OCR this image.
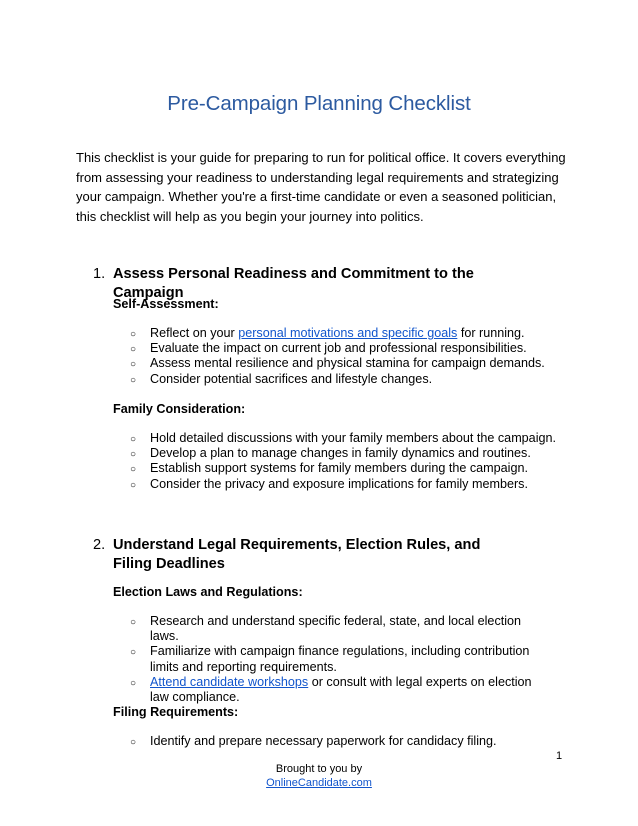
Pre-Campaign Planning Checklist
This checklist is your guide for preparing to run for political office. It covers everything from assessing your readiness to understanding legal requirements and strategizing your campaign. Whether you're a first-time candidate or even a seasoned politician, this checklist will help as you begin your journey into politics.
1. Assess Personal Readiness and Commitment to the Campaign
Self-Assessment:
○ Reflect on your personal motivations and specific goals for running.
○ Evaluate the impact on current job and professional responsibilities.
○ Assess mental resilience and physical stamina for campaign demands.
○ Consider potential sacrifices and lifestyle changes.
Family Consideration:
○ Hold detailed discussions with your family members about the campaign.
○ Develop a plan to manage changes in family dynamics and routines.
○ Establish support systems for family members during the campaign.
○ Consider the privacy and exposure implications for family members.
2. Understand Legal Requirements, Election Rules, and Filing Deadlines
Election Laws and Regulations:
○ Research and understand specific federal, state, and local election laws.
○ Familiarize with campaign finance regulations, including contribution limits and reporting requirements.
○ Attend candidate workshops or consult with legal experts on election law compliance.
Filing Requirements:
○ Identify and prepare necessary paperwork for candidacy filing.
1
Brought to you by
OnlineCandidate.com
